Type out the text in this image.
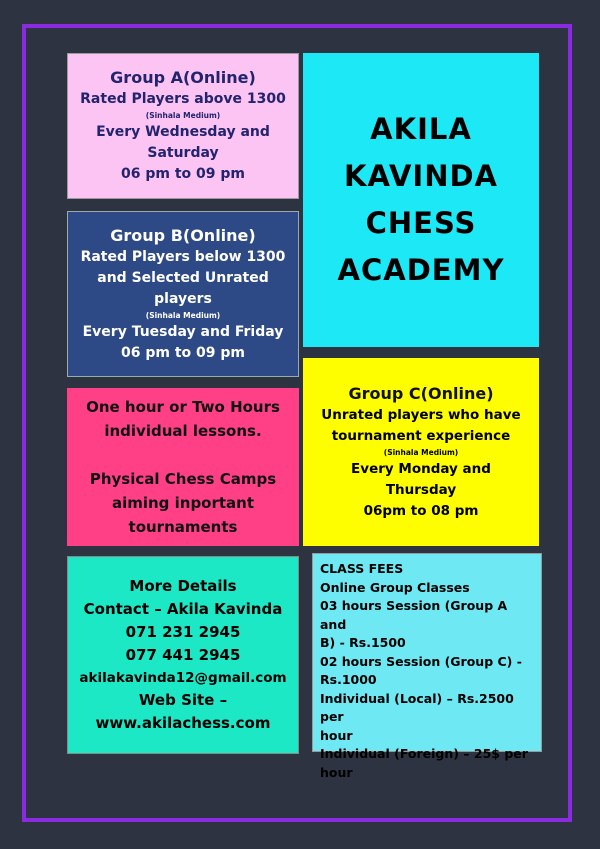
Group A(Online)
Rated Players above 1300
(Sinhala Medium)
Every Wednesday and
Saturday
06 pm to 09 pm
Group B(Online)
Rated Players below 1300
and Selected Unrated
players
(Sinhala Medium)
Every Tuesday and Friday
06 pm to 09 pm
AKILA
KAVINDA
CHESS
ACADEMY
One hour or Two Hours
individual lessons.
Physical Chess Camps
aiming inportant
tournaments
Group C(Online)
Unrated players who have
tournament experience
(Sinhala Medium)
Every Monday and
Thursday
06pm to 08 pm
More Details
Contact – Akila Kavinda
071 231 2945
077 441 2945
akilakavinda12@gmail.com
Web Site –
www.akilachess.com
CLASS FEES
Online Group Classes
03 hours Session (Group A and
B) - Rs.1500
02 hours Session (Group C) -
Rs.1000
Individual (Local) – Rs.2500 per
hour
Individual (Foreign) – 25$ per
hour
